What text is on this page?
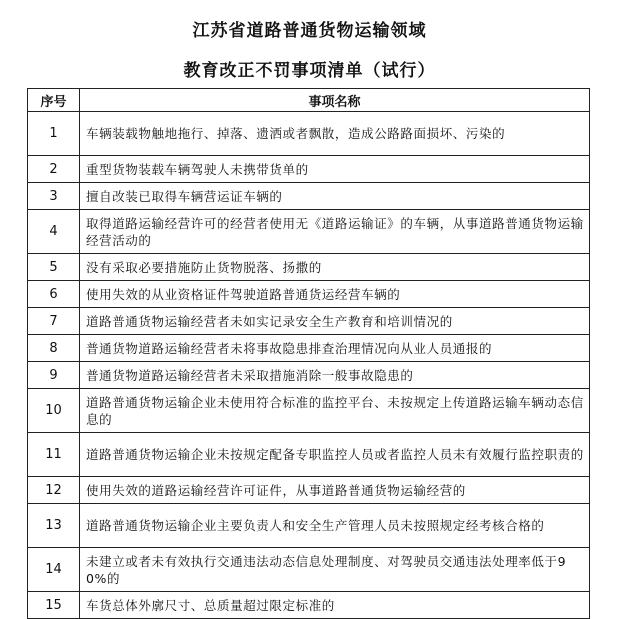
江苏省道路普通货物运输领域
教育改正不罚事项清单（试行）
序号	事项名称
1	车辆装载物触地拖行、掉落、遗洒或者飘散，造成公路路面损坏、污染的
2	重型货物装载车辆驾驶人未携带货单的
3	擅自改装已取得车辆营运证车辆的
4	取得道路运输经营许可的经营者使用无《道路运输证》的车辆，从事道路普通货物运输经营活动的
5	没有采取必要措施防止货物脱落、扬撒的
6	使用失效的从业资格证件驾驶道路普通货运经营车辆的
7	道路普通货物运输经营者未如实记录安全生产教育和培训情况的
8	普通货物道路运输经营者未将事故隐患排查治理情况向从业人员通报的
9	普通货物道路运输经营者未采取措施消除一般事故隐患的
10	道路普通货物运输企业未使用符合标准的监控平台、未按规定上传道路运输车辆动态信息的
11	道路普通货物运输企业未按规定配备专职监控人员或者监控人员未有效履行监控职责的
12	使用失效的道路运输经营许可证件，从事道路普通货物运输经营的
13	道路普通货物运输企业主要负责人和安全生产管理人员未按照规定经考核合格的
14	未建立或者未有效执行交通违法动态信息处理制度、对驾驶员交通违法处理率低于90%的
15	车货总体外廓尺寸、总质量超过限定标准的
